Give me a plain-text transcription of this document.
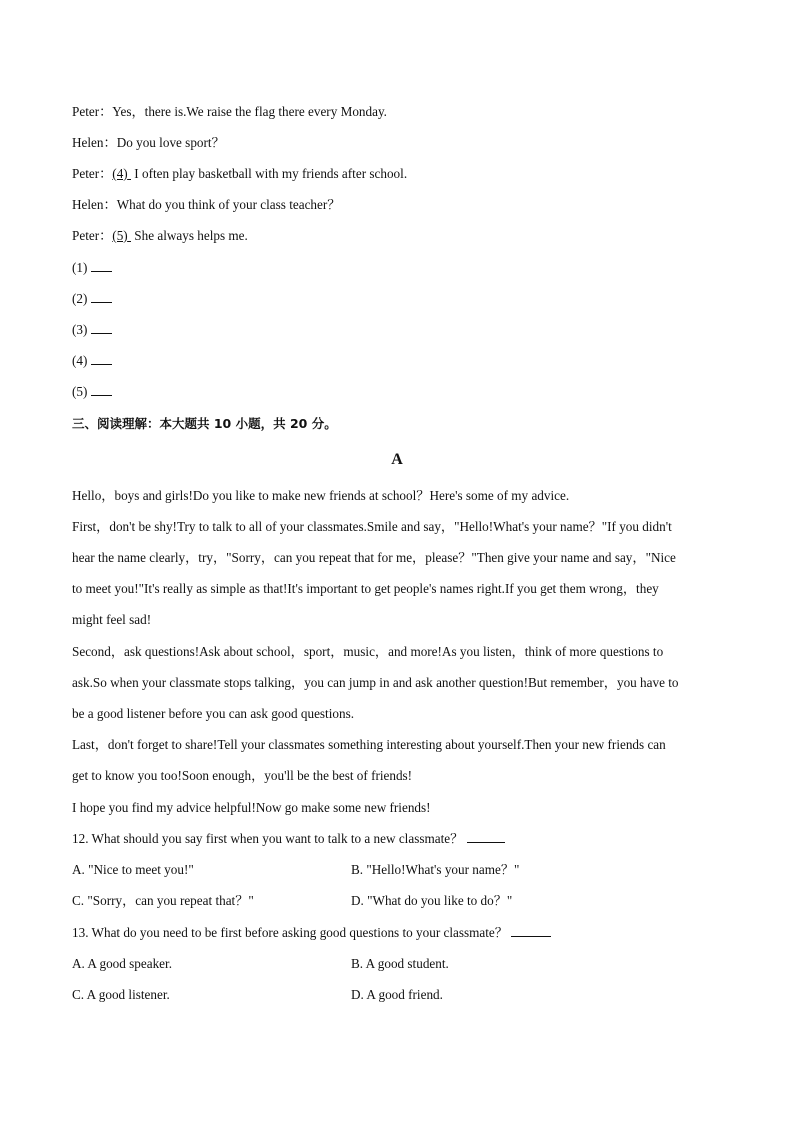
Peter：Yes，there is.We raise the flag there every Monday.
Helen：Do you love sport？
Peter：(4) I often play basketball with my friends after school.
Helen：What do you think of your class teacher？
Peter：(5) She always helps me.
(1)
(2)
(3)
(4)
(5)
三、阅读理解：本大题共 10 小题，共 20 分。
A
Hello，boys and girls!Do you like to make new friends at school？Here's some of my advice.
First，don't be shy!Try to talk to all of your classmates.Smile and say，"Hello!What's your name？"If you didn't
hear the name clearly，try，"Sorry，can you repeat that for me，please？"Then give your name and say，"Nice
to meet you!"It's really as simple as that!It's important to get people's names right.If you get them wrong，they
might feel sad!
Second，ask questions!Ask about school，sport，music，and more!As you listen，think of more questions to
ask.So when your classmate stops talking，you can jump in and ask another question!But remember，you have to
be a good listener before you can ask good questions.
Last，don't forget to share!Tell your classmates something interesting about yourself.Then your new friends can
get to know you too!Soon enough，you'll be the best of friends!
I hope you find my advice helpful!Now go make some new friends!
12. What should you say first when you want to talk to a new classmate？
A. "Nice to meet you!"	B. "Hello!What's your name？"
C. "Sorry，can you repeat that？"	D. "What do you like to do？"
13. What do you need to be first before asking good questions to your classmate？
A. A good speaker.	B. A good student.
C. A good listener.	D. A good friend.
